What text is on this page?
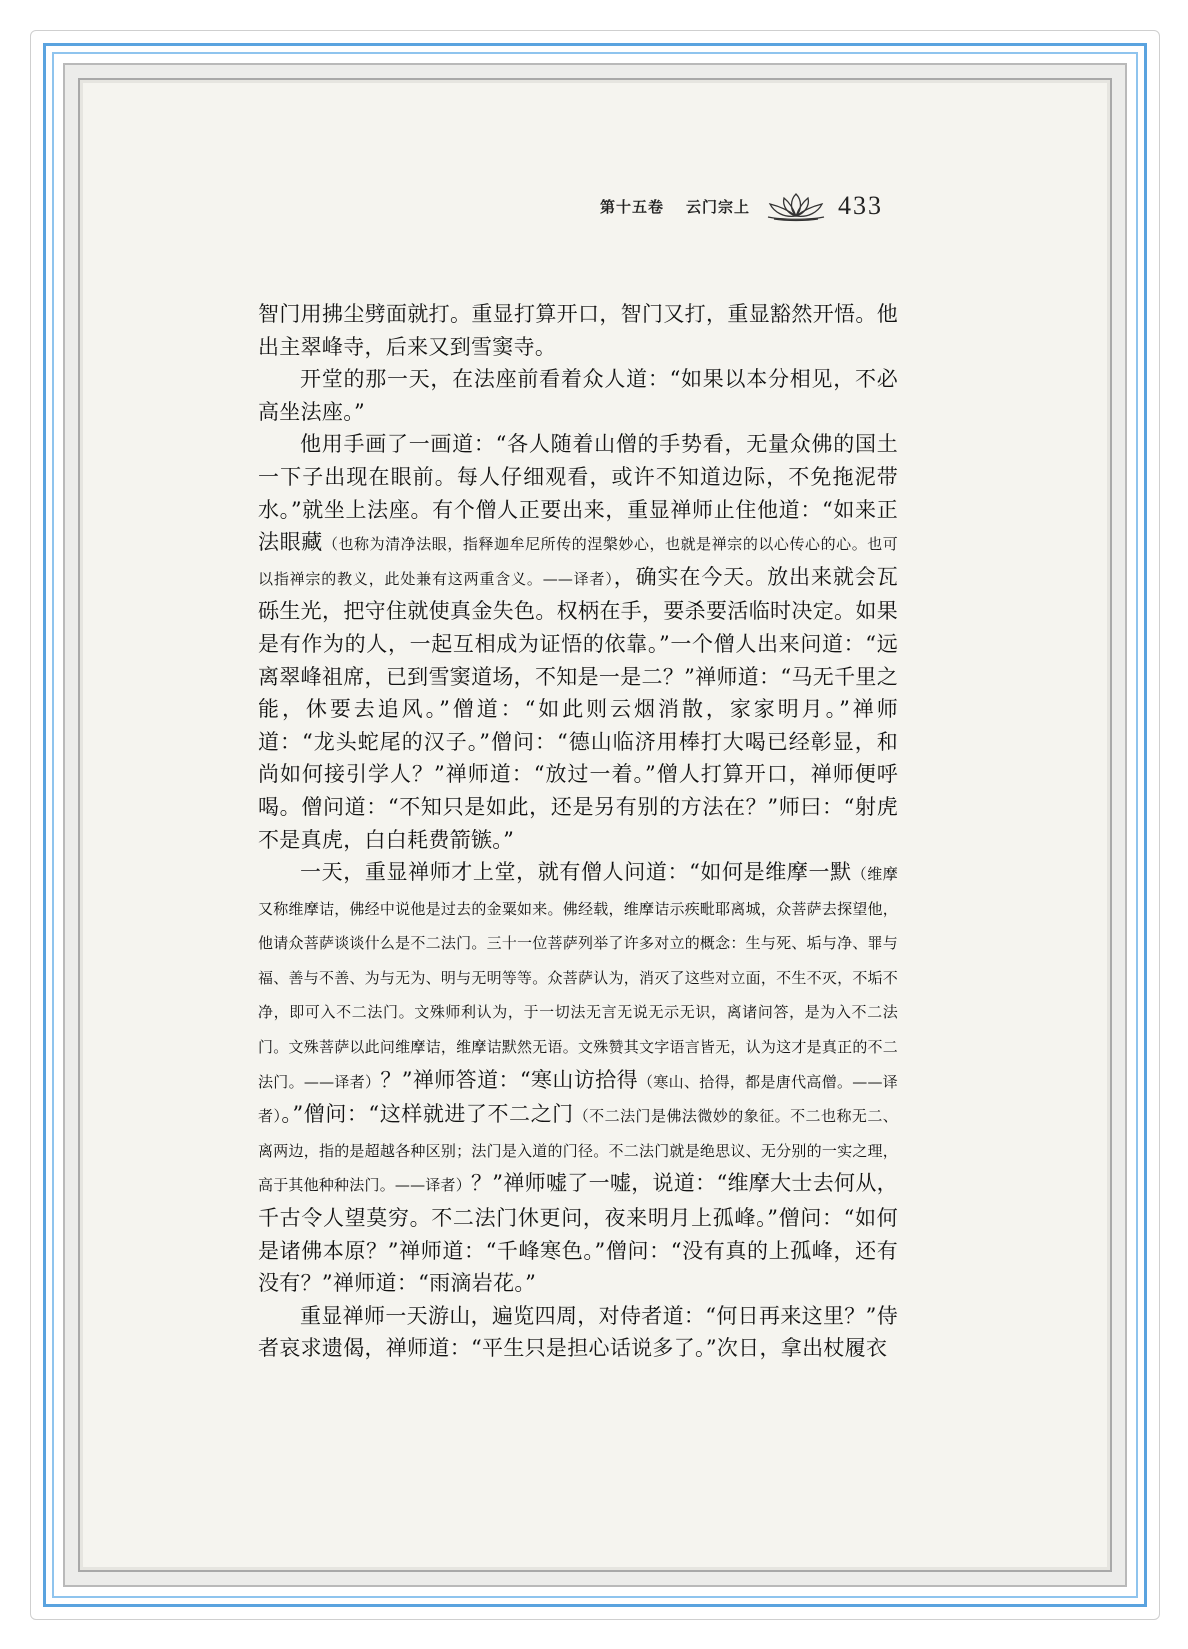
第十五卷 云门宗上	433

智门用拂尘劈面就打。重显打算开口，智门又打，重显豁然开悟。他出主翠峰寺，后来又到雪窦寺。

开堂的那一天，在法座前看着众人道：“如果以本分相见，不必高坐法座。”

他用手画了一画道：“各人随着山僧的手势看，无量众佛的国土一下子出现在眼前。每人仔细观看，或许不知道边际，不免拖泥带水。”就坐上法座。有个僧人正要出来，重显禅师止住他道：“如来正法眼藏（也称为清净法眼，指释迦牟尼所传的涅槃妙心，也就是禅宗的以心传心的心。也可以指禅宗的教义，此处兼有这两重含义。——译者），确实在今天。放出来就会瓦砾生光，把守住就使真金失色。权柄在手，要杀要活临时决定。如果是有作为的人，一起互相成为证悟的依靠。”一个僧人出来问道：“远离翠峰祖席，已到雪窦道场，不知是一是二？”禅师道：“马无千里之能，休要去追风。”僧道：“如此则云烟消散，家家明月。”禅师道：“龙头蛇尾的汉子。”僧问：“德山临济用棒打大喝已经彰显，和尚如何接引学人？”禅师道：“放过一着。”僧人打算开口，禅师便呼喝。僧问道：“不知只是如此，还是另有别的方法在？”师曰：“射虎不是真虎，白白耗费箭镞。”

一天，重显禅师才上堂，就有僧人问道：“如何是维摩一默（维摩又称维摩诘，佛经中说他是过去的金粟如来。佛经载，维摩诘示疾毗耶离城，众菩萨去探望他，他请众菩萨谈谈什么是不二法门。三十一位菩萨列举了许多对立的概念：生与死、垢与净、罪与福、善与不善、为与无为、明与无明等等。众菩萨认为，消灭了这些对立面，不生不灭，不垢不净，即可入不二法门。文殊师利认为，于一切法无言无说无示无识，离诸问答，是为入不二法门。文殊菩萨以此问维摩诘，维摩诘默然无语。文殊赞其文字语言皆无，认为这才是真正的不二法门。——译者）？”禅师答道：“寒山访拾得（寒山、拾得，都是唐代高僧。——译者）。”僧问：“这样就进了不二之门（不二法门是佛法微妙的象征。不二也称无二、离两边，指的是超越各种区别；法门是入道的门径。不二法门就是绝思议、无分别的一实之理，高于其他种种法门。——译者）？”禅师嘘了一嘘，说道：“维摩大士去何从，千古令人望莫穷。不二法门休更问，夜来明月上孤峰。”僧问：“如何是诸佛本原？”禅师道：“千峰寒色。”僧问：“没有真的上孤峰，还有没有？”禅师道：“雨滴岩花。”

重显禅师一天游山，遍览四周，对侍者道：“何日再来这里？”侍者哀求遗偈，禅师道：“平生只是担心话说多了。”次日，拿出杖履衣
